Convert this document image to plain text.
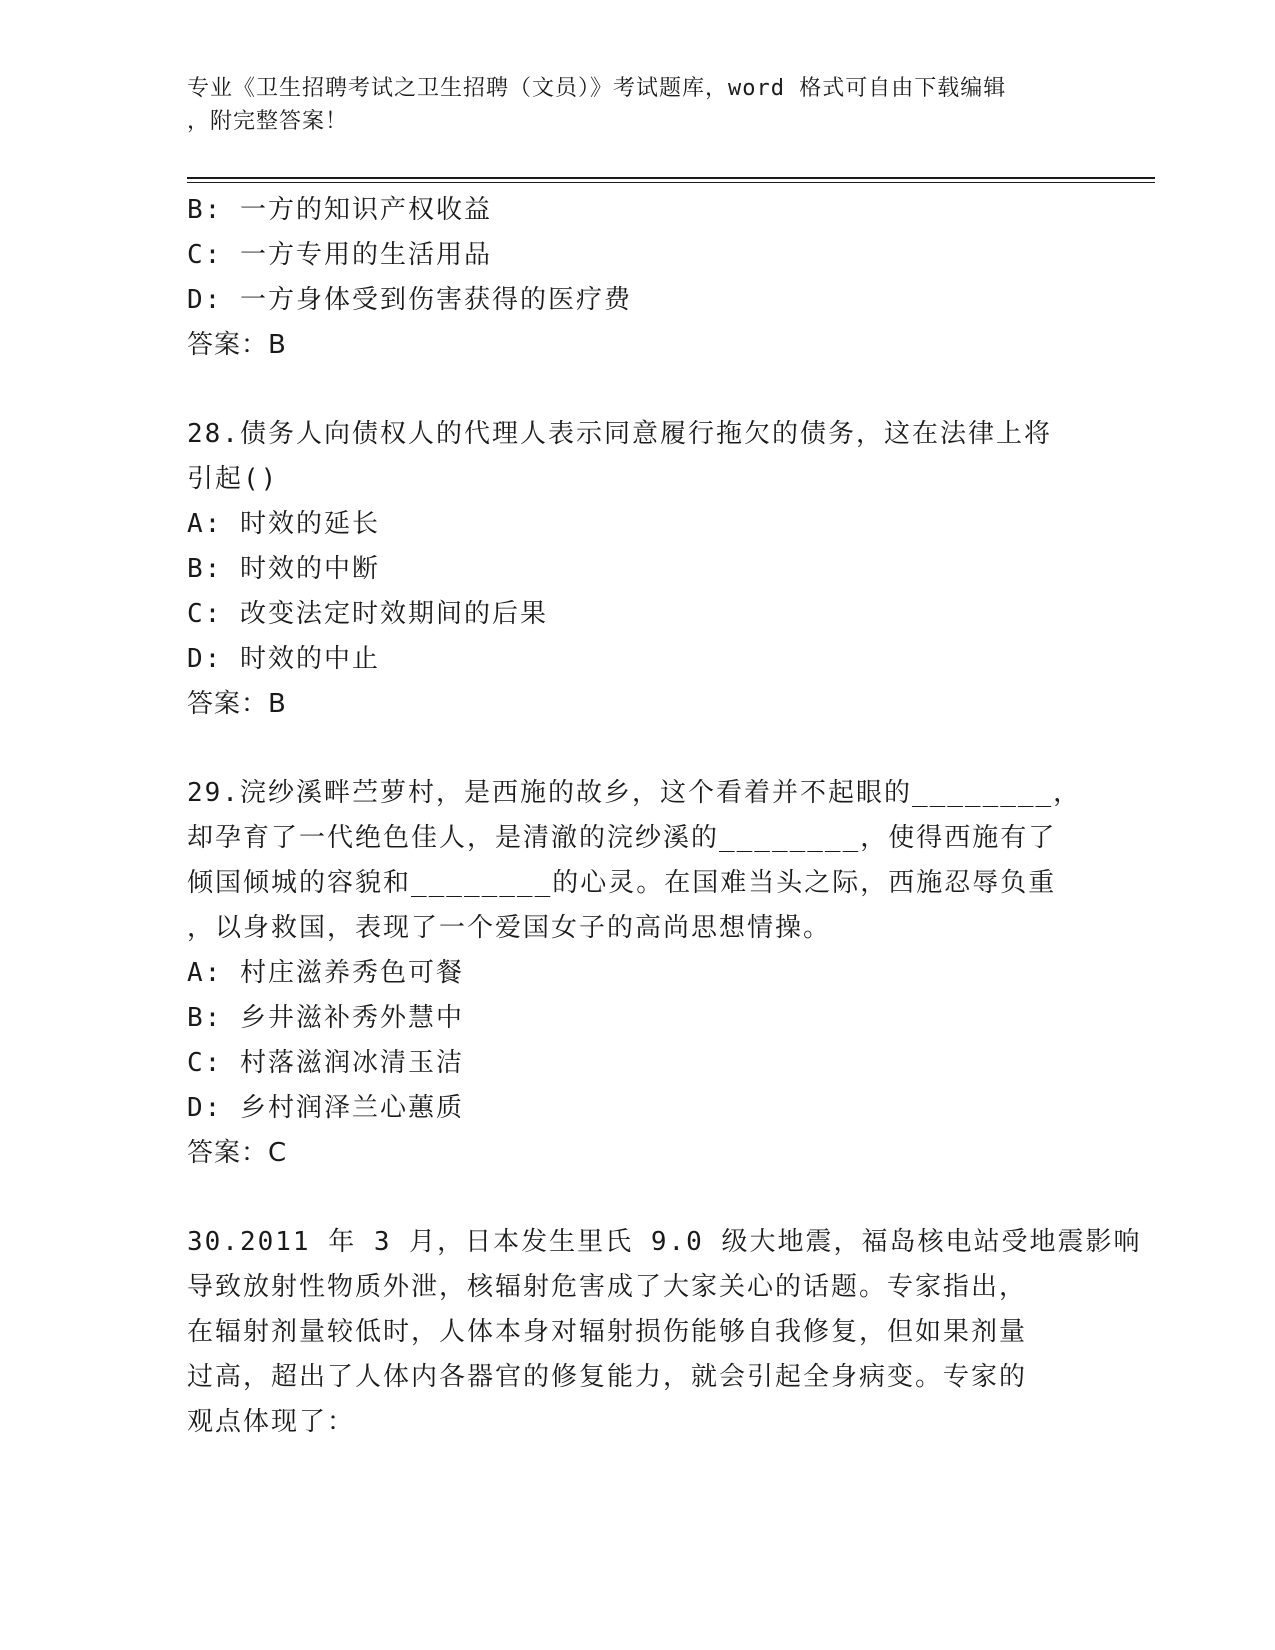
专业《卫生招聘考试之卫生招聘（文员）》考试题库，word 格式可自由下载编辑
，附完整答案！
B: 一方的知识产权收益
C: 一方专用的生活用品
D: 一方身体受到伤害获得的医疗费
答案：B
28.债务人向债权人的代理人表示同意履行拖欠的债务，这在法律上将
引起()
A: 时效的延长
B: 时效的中断
C: 改变法定时效期间的后果
D: 时效的中止
答案：B
29.浣纱溪畔苎萝村，是西施的故乡，这个看着并不起眼的________，
却孕育了一代绝色佳人，是清澈的浣纱溪的________，使得西施有了
倾国倾城的容貌和________的心灵。在国难当头之际，西施忍辱负重
，以身救国，表现了一个爱国女子的高尚思想情操。
A: 村庄滋养秀色可餐
B: 乡井滋补秀外慧中
C: 村落滋润冰清玉洁
D: 乡村润泽兰心蕙质
答案：C
30.2011 年 3 月，日本发生里氏 9.0 级大地震，福岛核电站受地震影响
导致放射性物质外泄，核辐射危害成了大家关心的话题。专家指出，
在辐射剂量较低时，人体本身对辐射损伤能够自我修复，但如果剂量
过高，超出了人体内各器官的修复能力，就会引起全身病变。专家的
观点体现了：
